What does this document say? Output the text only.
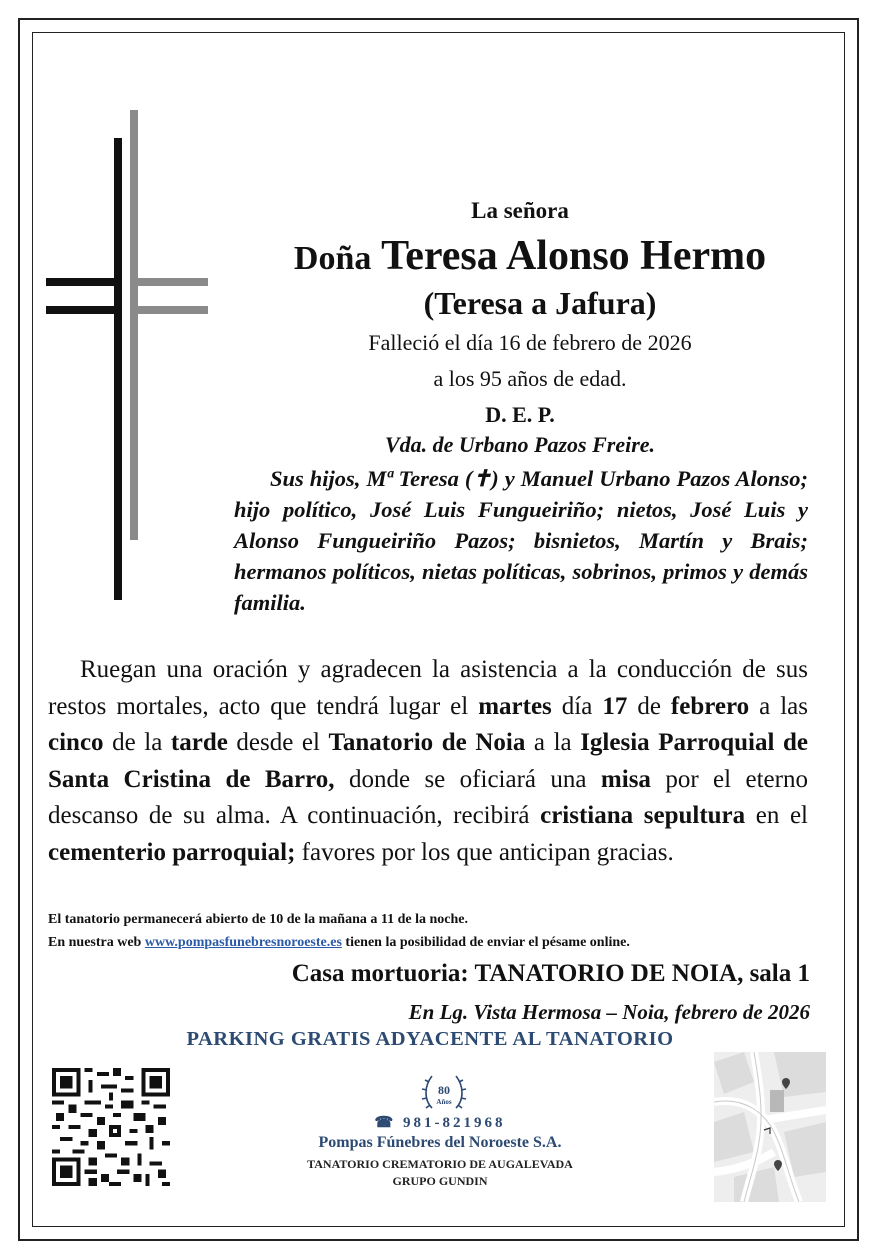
La señora
Doña Teresa Alonso Hermo
(Teresa a Jafura)
Falleció el día 16 de febrero de 2026
a los 95 años de edad.
D. E. P.
Vda. de Urbano Pazos Freire.
Sus hijos, Mª Teresa (✝) y Manuel Urbano Pazos Alonso; hijo político, José Luis Fungueiriño; nietos, José Luis y Alonso Fungueiriño Pazos; bisnietos, Martín y Brais; hermanos políticos, nietas políticas, sobrinos, primos y demás familia.
Ruegan una oración y agradecen la asistencia a la conducción de sus restos mortales, acto que tendrá lugar el martes día 17 de febrero a las cinco de la tarde desde el Tanatorio de Noia a la Iglesia Parroquial de Santa Cristina de Barro, donde se oficiará una misa por el eterno descanso de su alma. A continuación, recibirá cristiana sepultura en el cementerio parroquial; favores por los que anticipan gracias.
El tanatorio permanecerá abierto de 10 de la mañana a 11 de la noche.
En nuestra web www.pompasfunebresnoroeste.es tienen la posibilidad de enviar el pésame online.
Casa mortuoria: TANATORIO DE NOIA, sala 1
En Lg. Vista Hermosa – Noia, febrero de 2026
PARKING GRATIS ADYACENTE AL TANATORIO
80
Años
☎ 981-821968
Pompas Fúnebres del Noroeste S.A.
TANATORIO CREMATORIO DE AUGALEVADA
GRUPO GUNDIN
